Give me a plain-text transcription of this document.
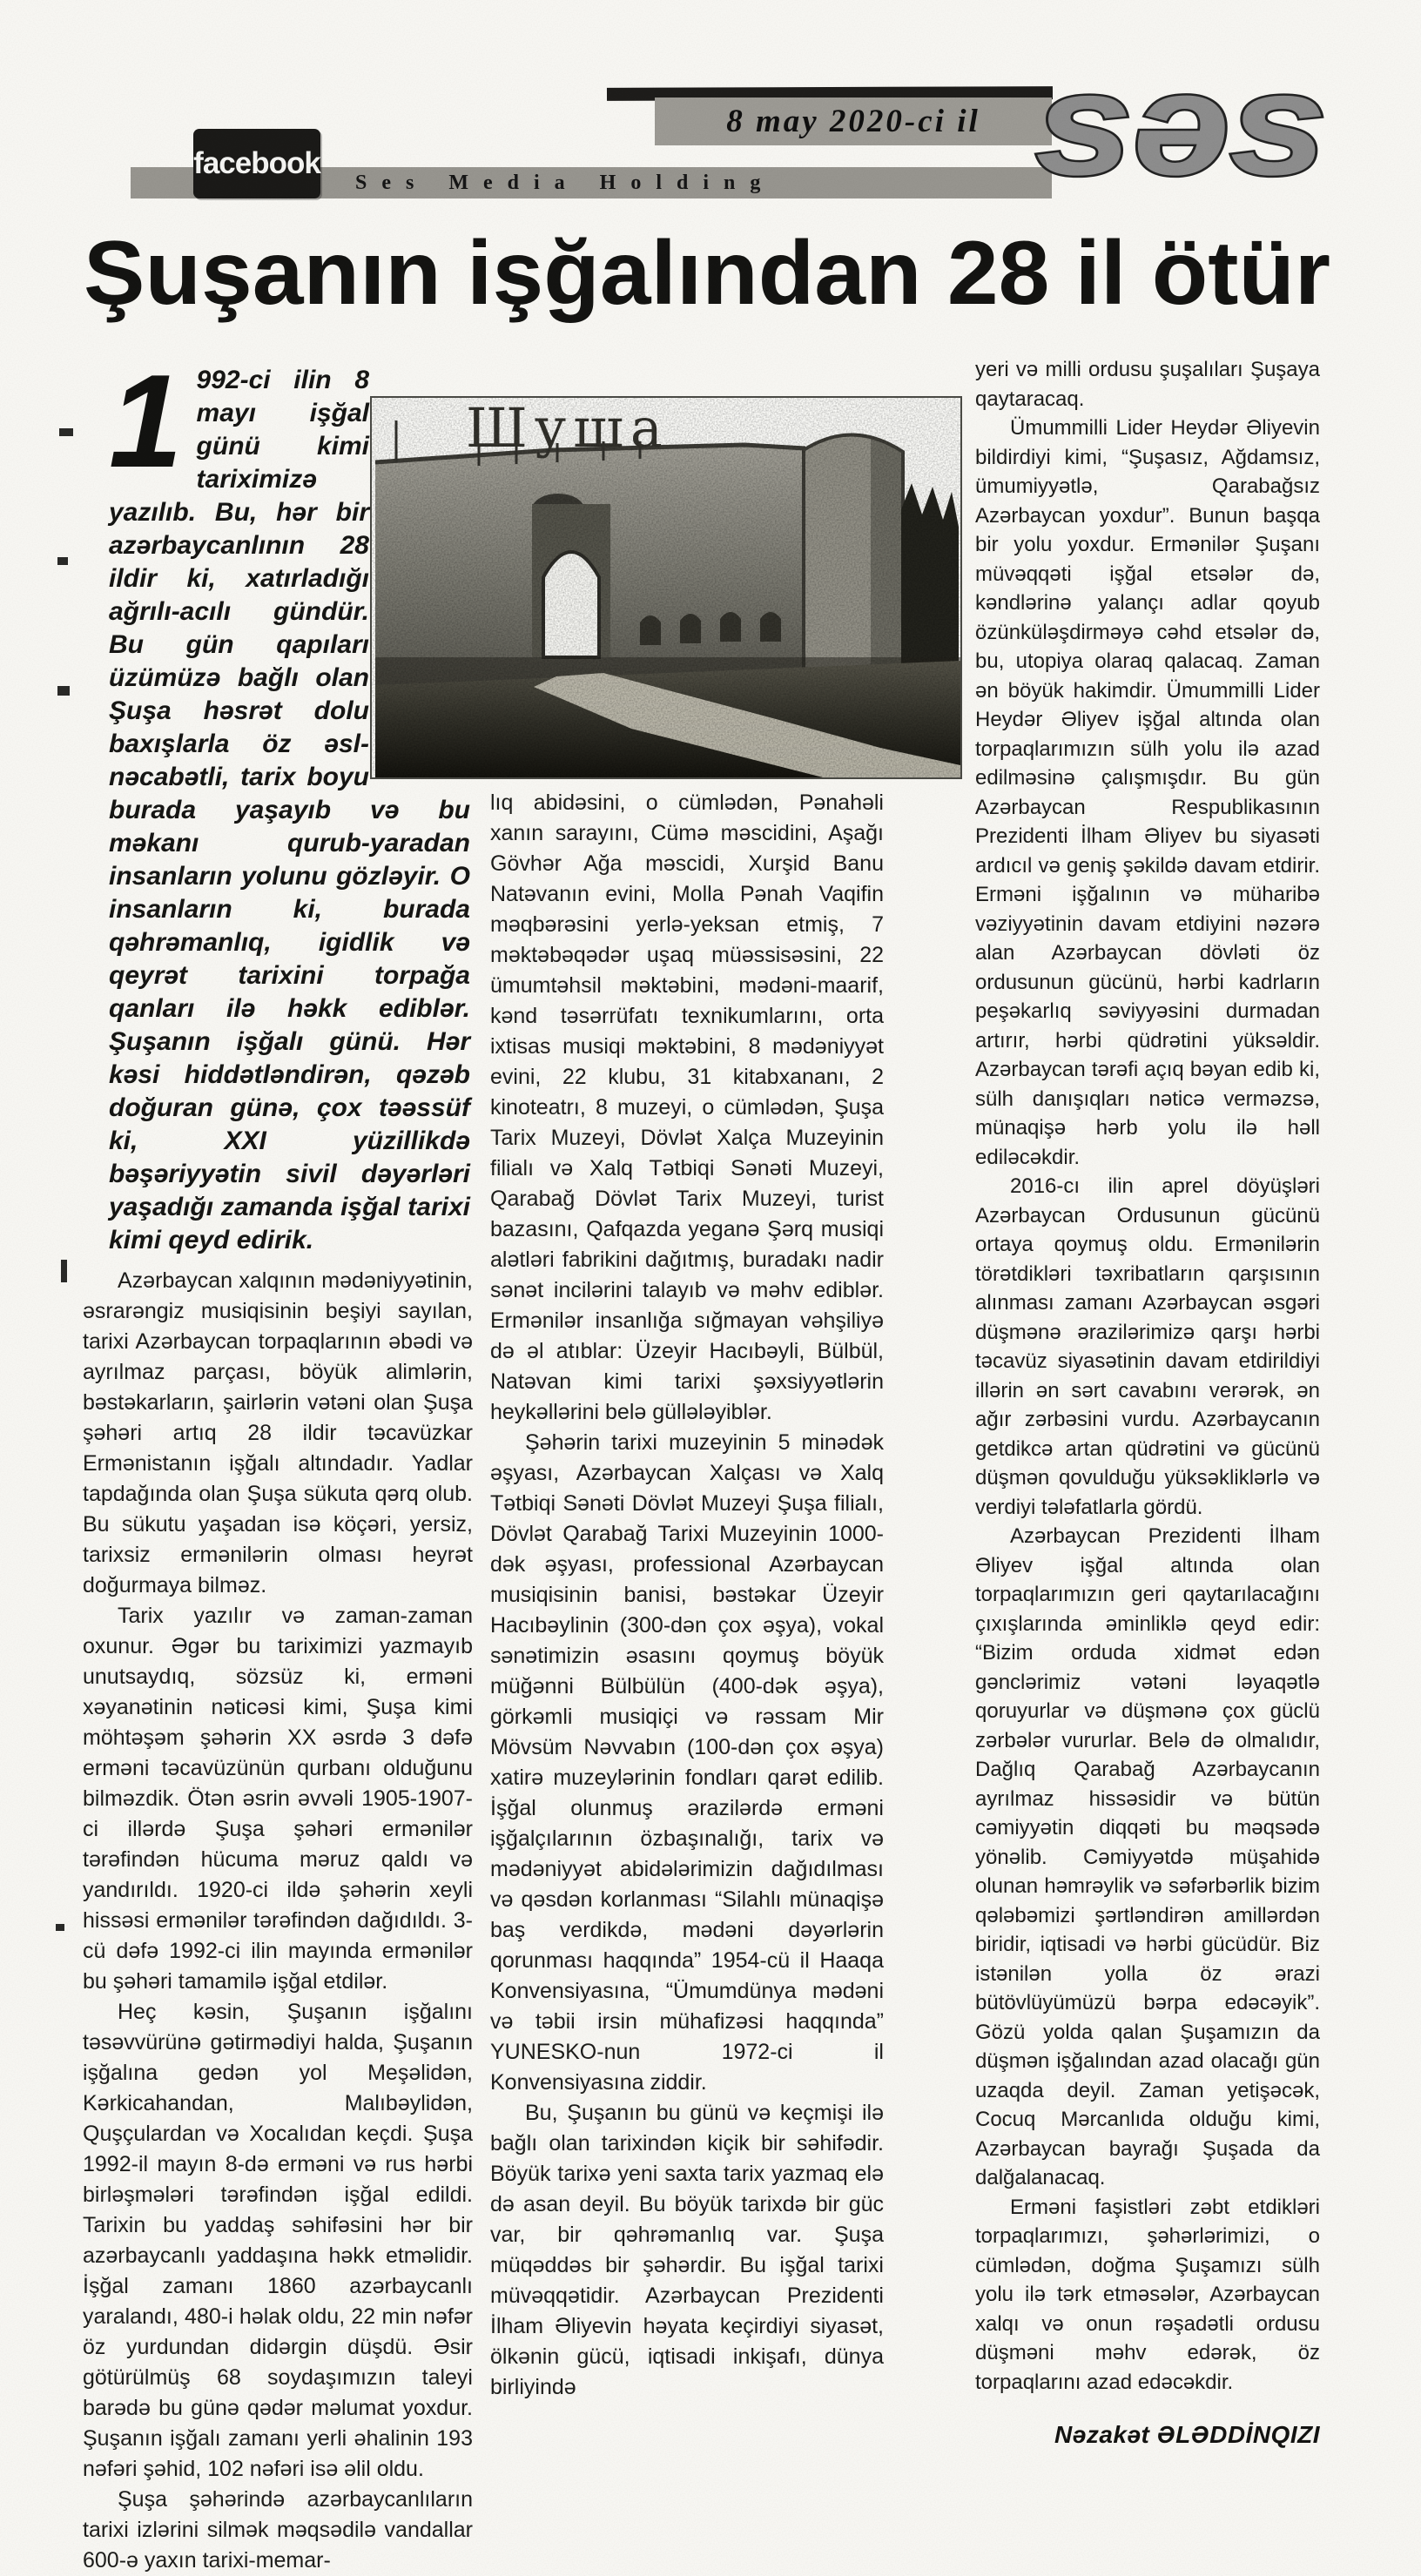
Ses Media Holding
facebook
8 may 2020-ci il səs
Şuşanın işğalından 28 il ötür
Шуша
1 992-ci ilin 8 mayı işğal günü kimi tariximizə yazılıb. Bu, hər bir azərbaycanlının 28 ildir ki, xatırladığı ağrılı-acılı gündür. Bu gün qapıları üzümüzə bağlı olan Şuşa həsrət dolu baxışlarla öz əsl-nəcabətli, tarix boyu burada yaşayıb və bu məkanı qurub-yaradan insanların yolunu gözləyir. O insanların ki, burada qəhrəmanlıq, igidlik və qeyrət tarixini torpağa qanları ilə həkk ediblər. Şuşanın işğalı günü. Hər kəsi hiddətləndirən, qəzəb doğuran günə, çox təəssüf ki, XXI yüzillikdə bəşəriyyətin sivil dəyərləri yaşadığı zamanda işğal tarixi kimi qeyd edirik.

Azərbaycan xalqının mədəniyyətinin, əsrarəngiz musiqisinin beşiyi sayılan, tarixi Azərbaycan torpaqlarının əbədi və ayrılmaz parçası, böyük alimlərin, bəstəkarların, şairlərin vətəni olan Şuşa şəhəri artıq 28 ildir təcavüzkar Ermənistanın işğalı altındadır. Yadlar tapdağında olan Şuşa sükuta qərq olub. Bu sükutu yaşadan isə köçəri, yersiz, tarixsiz ermənilərin olması heyrət doğurmaya bilməz.

Tarix yazılır və zaman-zaman oxunur. Əgər bu tariximizi yazmayıb unutsaydıq, sözsüz ki, erməni xəyanətinin nəticəsi kimi, Şuşa kimi möhtəşəm şəhərin XX əsrdə 3 dəfə erməni təcavüzünün qurbanı olduğunu bilməzdik. Ötən əsrin əvvəli 1905-1907-ci illərdə Şuşa şəhəri ermənilər tərəfindən hücuma məruz qaldı və yandırıldı. 1920-ci ildə şəhərin xeyli hissəsi ermənilər tərəfindən dağıdıldı. 3-cü dəfə 1992-ci ilin mayında ermənilər bu şəhəri tamamilə işğal etdilər.

Heç kəsin, Şuşanın işğalını təsəvvürünə gətirmədiyi halda, Şuşanın işğalına gedən yol Meşəlidən, Kərkicahandan, Malıbəylidən, Quşçulardan və Xocalıdan keçdi. Şuşa 1992-il mayın 8-də erməni və rus hərbi birləşmələri tərəfindən işğal edildi. Tarixin bu yaddaş səhifəsini hər bir azərbaycanlı yaddaşına həkk etməlidir. İşğal zamanı 1860 azərbaycanlı yaralandı, 480-i həlak oldu, 22 min nəfər öz yurdundan didərgin düşdü. Əsir götürülmüş 68 soydaşımızın taleyi barədə bu günə qədər məlumat yoxdur. Şuşanın işğalı zamanı yerli əhalinin 193 nəfəri şəhid, 102 nəfəri isə əlil oldu.

Şuşa şəhərində azərbaycanlıların tarixi izlərini silmək məqsədilə vandallar 600-ə yaxın tarixi-memar-

lıq abidəsini, o cümlədən, Pənahəli xanın sarayını, Cümə məscidini, Aşağı Gövhər Ağa məscidi, Xurşid Banu Natəvanın evini, Molla Pənah Vaqifin məqbərəsini yerlə-yeksan etmiş, 7 məktəbəqədər uşaq müəssisəsini, 22 ümumtəhsil məktəbini, mədəni-maarif, kənd təsərrüfatı texnikumlarını, orta ixtisas musiqi məktəbini, 8 mədəniyyət evini, 22 klubu, 31 kitabxananı, 2 kinoteatrı, 8 muzeyi, o cümlədən, Şuşa Tarix Muzeyi, Dövlət Xalça Muzeyinin filialı və Xalq Tətbiqi Sənəti Muzeyi, Qarabağ Dövlət Tarix Muzeyi, turist bazasını, Qafqazda yeganə Şərq musiqi alətləri fabrikini dağıtmış, buradakı nadir sənət incilərini talayıb və məhv ediblər. Ermənilər insanlığa sığmayan vəhşiliyə də əl atıblar: Üzeyir Hacıbəyli, Bülbül, Natəvan kimi tarixi şəxsiyyətlərin heykəllərini belə güllələyiblər.

Şəhərin tarixi muzeyinin 5 minədək əşyası, Azərbaycan Xalçası və Xalq Tətbiqi Sənəti Dövlət Muzeyi Şuşa filialı, Dövlət Qarabağ Tarixi Muzeyinin 1000-dək əşyası, professional Azərbaycan musiqisinin banisi, bəstəkar Üzeyir Hacıbəylinin (300-dən çox əşya), vokal sənətimizin əsasını qoymuş böyük müğənni Bülbülün (400-dək əşya), görkəmli musiqiçi və rəssam Mir Mövsüm Nəvvabın (100-dən çox əşya) xatirə muzeylərinin fondları qarət edilib. İşğal olunmuş ərazilərdə erməni işğalçılarının özbaşınalığı, tarix və mədəniyyət abidələrimizin dağıdılması və qəsdən korlanması “Silahlı münaqişə baş verdikdə, mədəni dəyərlərin qorunması haqqında” 1954-cü il Haaqa Konvensiyasına, “Ümumdünya mədəni və təbii irsin mühafizəsi haqqında” YUNESKO-nun 1972-ci il Konvensiyasına ziddir.

Bu, Şuşanın bu günü və keçmişi ilə bağlı olan tarixindən kiçik bir səhifədir. Böyük tarixə yeni saxta tarix yazmaq elə də asan deyil. Bu böyük tarixdə bir güc var, bir qəhrəmanlıq var. Şuşa müqəddəs bir şəhərdir. Bu işğal tarixi müvəqqətidir. Azərbaycan Prezidenti İlham Əliyevin həyata keçirdiyi siyasət, ölkənin gücü, iqtisadi inkişafı, dünya birliyində

yeri və milli ordusu şuşalıları Şuşaya qaytaracaq.

Ümummilli Lider Heydər Əliyevin bildirdiyi kimi, “Şuşasız, Ağdamsız, ümumiyyətlə, Qarabağsız Azərbaycan yoxdur”. Bunun başqa bir yolu yoxdur. Ermənilər Şuşanı müvəqqəti işğal etsələr də, kəndlərinə yalançı adlar qoyub özünküləşdirməyə cəhd etsələr də, bu, utopiya olaraq qalacaq. Zaman ən böyük hakimdir. Ümummilli Lider Heydər Əliyev işğal altında olan torpaqlarımızın sülh yolu ilə azad edilməsinə çalışmışdır. Bu gün Azərbaycan Respublikasının Prezidenti İlham Əliyev bu siyasəti ardıcıl və geniş şəkildə davam etdirir. Erməni işğalının və müharibə vəziyyətinin davam etdiyini nəzərə alan Azərbaycan dövləti öz ordusunun gücünü, hərbi kadrların peşəkarlıq səviyyəsini durmadan artırır, hərbi qüdrətini yüksəldir. Azərbaycan tərəfi açıq bəyan edib ki, sülh danışıqları nəticə verməzsə, münaqişə hərb yolu ilə həll ediləcəkdir.

2016-cı ilin aprel döyüşləri Azərbaycan Ordusunun gücünü ortaya qoymuş oldu. Ermənilərin törətdikləri təxribatların qarşısının alınması zamanı Azərbaycan əsgəri düşmənə ərazilərimizə qarşı hərbi təcavüz siyasətinin davam etdirildiyi illərin ən sərt cavabını verərək, ən ağır zərbəsini vurdu. Azərbaycanın getdikcə artan qüdrətini və gücünü düşmən qovulduğu yüksəkliklərlə və verdiyi tələfatlarla gördü.

Azərbaycan Prezidenti İlham Əliyev işğal altında olan torpaqlarımızın geri qaytarılacağını çıxışlarında əminliklə qeyd edir: “Bizim orduda xidmət edən gənclərimiz vətəni ləyaqətlə qoruyurlar və düşmənə çox güclü zərbələr vururlar. Belə də olmalıdır, Dağlıq Qarabağ Azərbaycanın ayrılmaz hissəsidir və bütün cəmiyyətin diqqəti bu məqsədə yönəlib. Cəmiyyətdə müşahidə olunan həmrəylik və səfərbərlik bizim qələbəmizi şərtləndirən amillərdən biridir, iqtisadi və hərbi gücüdür. Biz istənilən yolla öz ərazi bütövlüyümüzü bərpa edəcəyik”. Gözü yolda qalan Şuşamızın da düşmən işğalından azad olacağı gün uzaqda deyil. Zaman yetişəcək, Cocuq Mərcanlıda olduğu kimi, Azərbaycan bayrağı Şuşada da dalğalanacaq.

Erməni faşistləri zəbt etdikləri torpaqlarımızı, şəhərlərimizi, o cümlədən, doğma Şuşamızı sülh yolu ilə tərk etməsələr, Azərbaycan xalqı və onun rəşadətli ordusu düşməni məhv edərək, öz torpaqlarını azad edəcəkdir.

Nəzakət ƏLƏDDİNQIZI
